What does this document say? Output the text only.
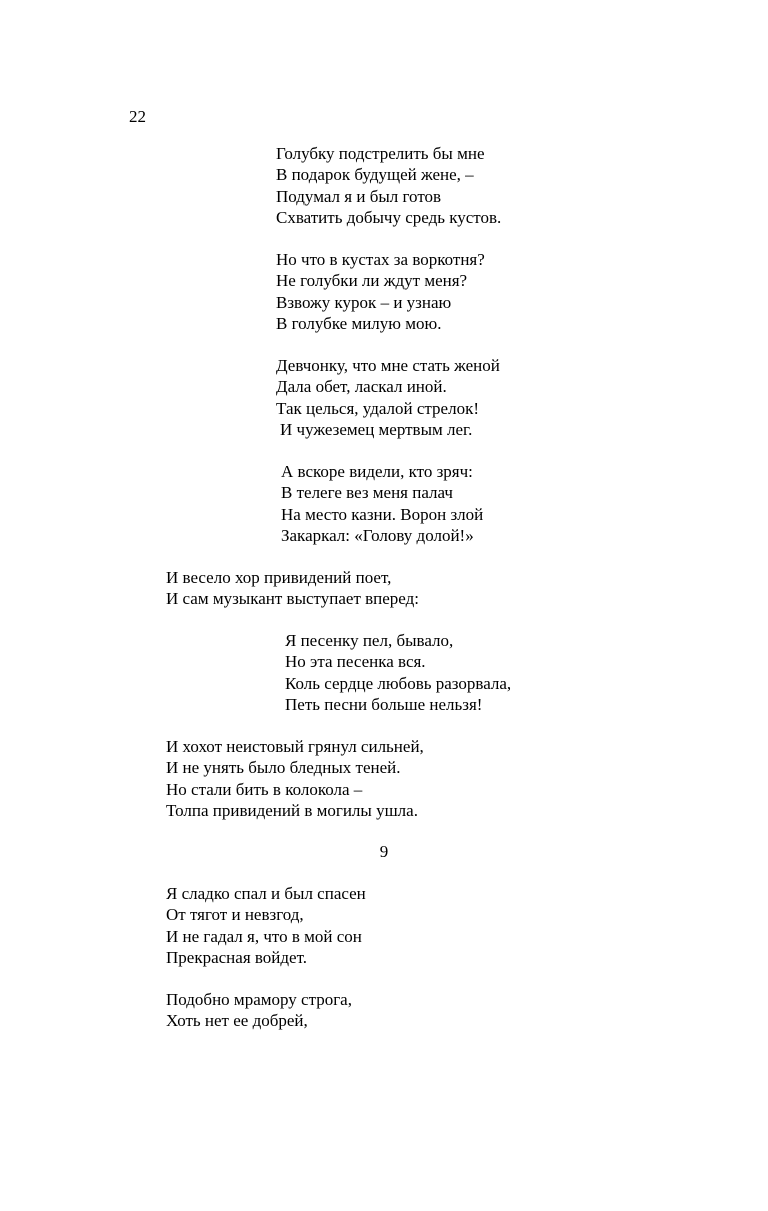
22
Голубку подстрелить бы мне
В подарок будущей жене, –
Подумал я и был готов
Схватить добычу средь кустов.
Но что в кустах за воркотня?
Не голубки ли ждут меня?
Взвожу курок – и узнаю
В голубке милую мою.
Девчонку, что мне стать женой
Дала обет, ласкал иной.
Так целься, удалой стрелок!
И чужеземец мертвым лег.
А вскоре видели, кто зряч:
В телеге вез меня палач
На место казни. Ворон злой
Закаркал: «Голову долой!»
И весело хор привидений поет,
И сам музыкант выступает вперед:
Я песенку пел, бывало,
Но эта песенка вся.
Коль сердце любовь разорвала,
Петь песни больше нельзя!
И хохот неистовый грянул сильней,
И не унять было бледных теней.
Но стали бить в колокола –
Толпа привидений в могилы ушла.
9
Я сладко спал и был спасен
От тягот и невзгод,
И не гадал я, что в мой сон
Прекрасная войдет.
Подобно мрамору строга,
Хоть нет ее добрей,
